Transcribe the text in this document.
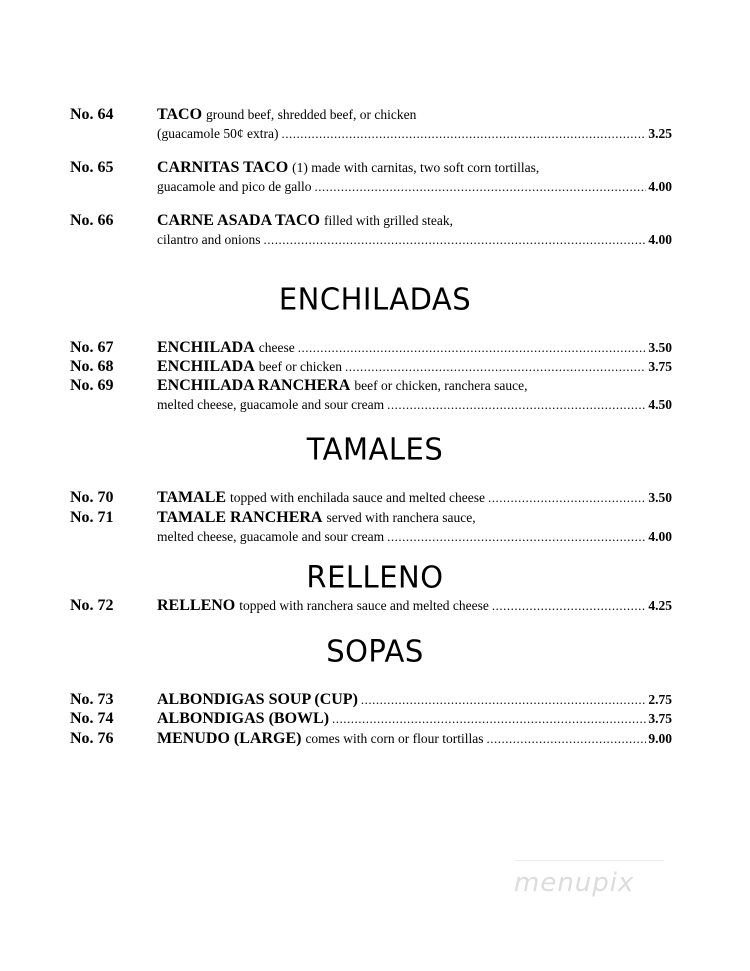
No. 64	TACO ground beef, shredded beef, or chicken
(guacamole 50¢ extra) .....	3.25
No. 65	CARNITAS TACO (1) made with carnitas, two soft corn tortillas,
guacamole and pico de gallo .....	4.00
No. 66	CARNE ASADA TACO filled with grilled steak,
cilantro and onions .....	4.00
ENCHILADAS
No. 67	ENCHILADA cheese .....	3.50
No. 68	ENCHILADA beef or chicken .....	3.75
No. 69	ENCHILADA RANCHERA beef or chicken, ranchera sauce,
melted cheese, guacamole and sour cream .....	4.50
TAMALES
No. 70	TAMALE topped with enchilada sauce and melted cheese .....	3.50
No. 71	TAMALE RANCHERA served with ranchera sauce,
melted cheese, guacamole and sour cream .....	4.00
RELLENO
No. 72	RELLENO topped with ranchera sauce and melted cheese .....	4.25
SOPAS
No. 73	ALBONDIGAS SOUP (CUP) .....	2.75
No. 74	ALBONDIGAS (BOWL) .....	3.75
No. 76	MENUDO (LARGE) comes with corn or flour tortillas .....	9.00
menupix
